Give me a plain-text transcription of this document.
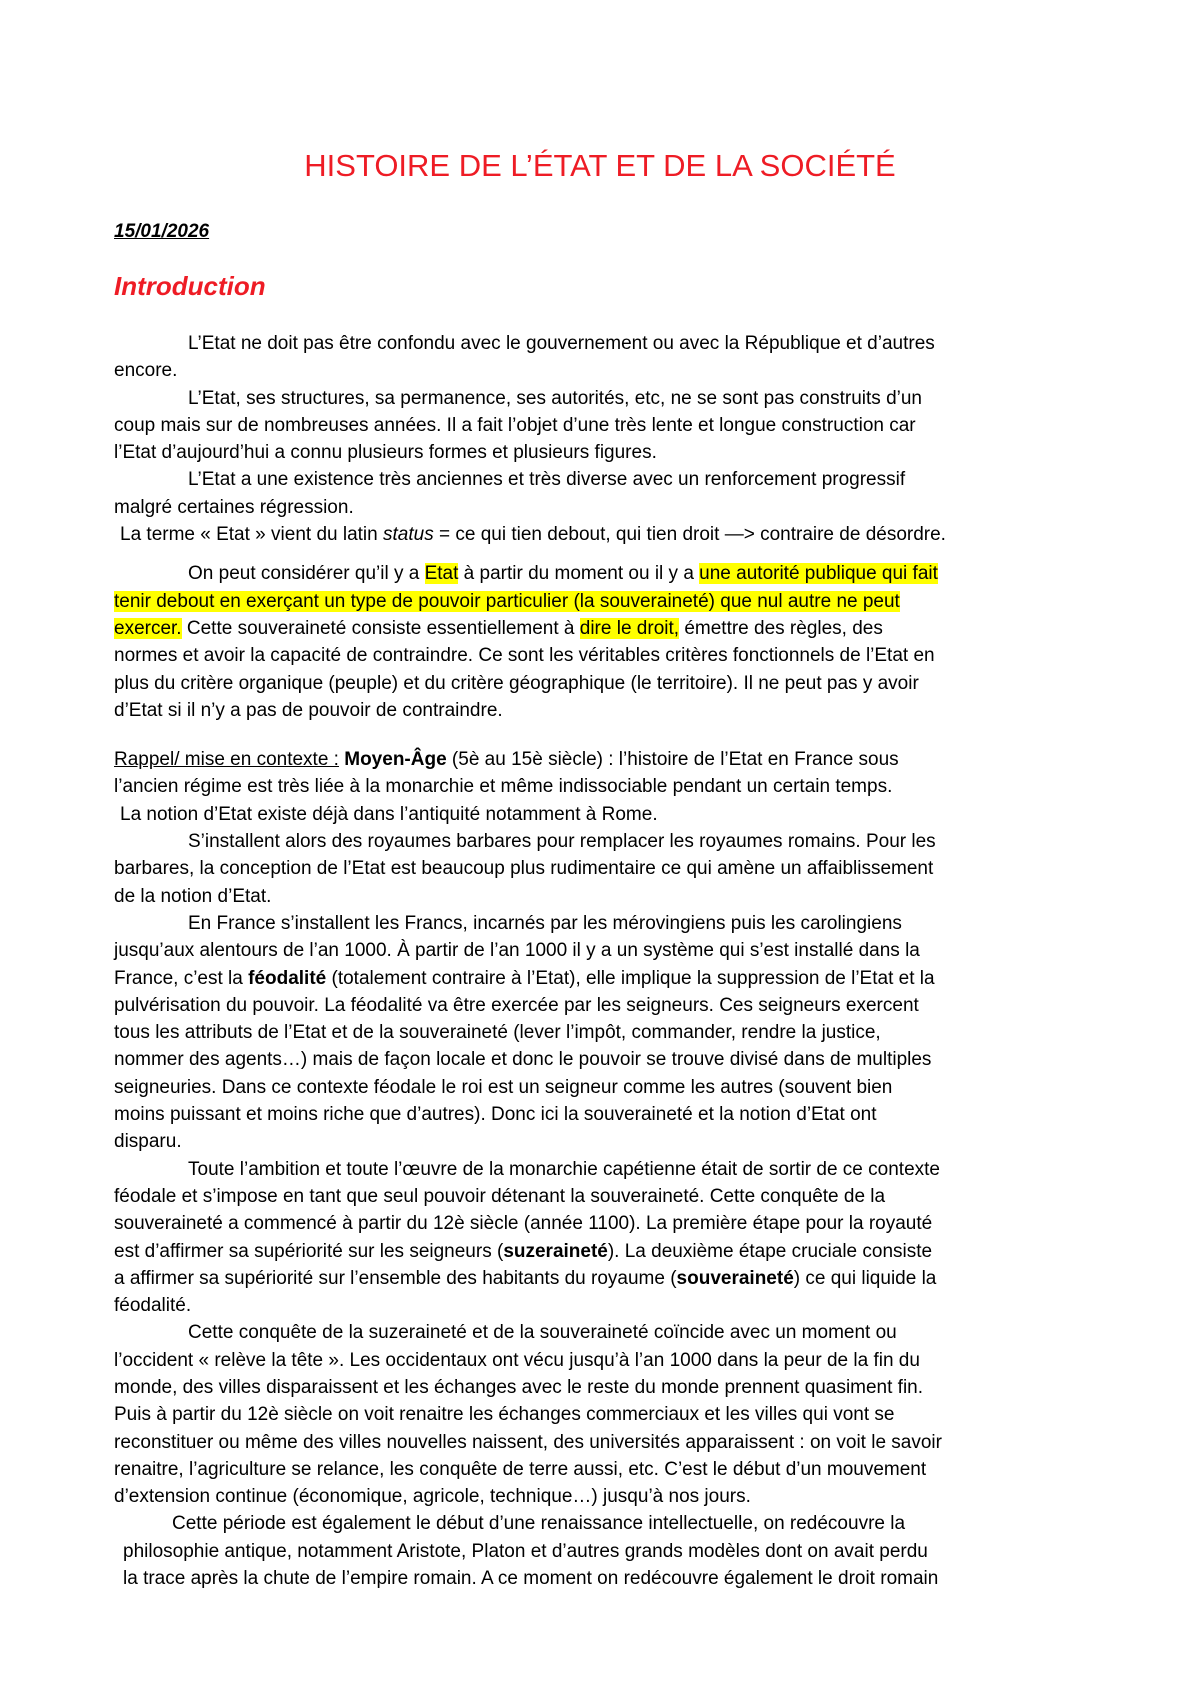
HISTOIRE DE L’ÉTAT ET DE LA SOCIÉTÉ
15/01/2026
Introduction

L’Etat ne doit pas être confondu avec le gouvernement ou avec la République et d’autres
encore.

L’Etat, ses structures, sa permanence, ses autorités, etc, ne se sont pas construits d’un
coup mais sur de nombreuses années. Il a fait l’objet d’une très lente et longue construction car
l’Etat d’aujourd’hui a connu plusieurs formes et plusieurs figures.

L’Etat a une existence très anciennes et très diverse avec un renforcement progressif
malgré certaines régression.

La terme « Etat » vient du latin status = ce qui tien debout, qui tien droit —> contraire de désordre.

On peut considérer qu’il y a Etat à partir du moment ou il y a une autorité publique qui fait
tenir debout en exerçant un type de pouvoir particulier (la souveraineté) que nul autre ne peut
exercer. Cette souveraineté consiste essentiellement à dire le droit, émettre des règles, des
normes et avoir la capacité de contraindre. Ce sont les véritables critères fonctionnels de l’Etat en
plus du critère organique (peuple) et du critère géographique (le territoire). Il ne peut pas y avoir
d’Etat si il n’y a pas de pouvoir de contraindre.

Rappel/ mise en contexte : Moyen-Âge (5è au 15è siècle) : l’histoire de l’Etat en France sous
l’ancien régime est très liée à la monarchie et même indissociable pendant un certain temps.

La notion d’Etat existe déjà dans l’antiquité notamment à Rome.

S’installent alors des royaumes barbares pour remplacer les royaumes romains. Pour les
barbares, la conception de l’Etat est beaucoup plus rudimentaire ce qui amène un affaiblissement
de la notion d’Etat.

En France s’installent les Francs, incarnés par les mérovingiens puis les carolingiens
jusqu’aux alentours de l’an 1000. À partir de l’an 1000 il y a un système qui s’est installé dans la
France, c’est la féodalité (totalement contraire à l’Etat), elle implique la suppression de l’Etat et la
pulvérisation du pouvoir. La féodalité va être exercée par les seigneurs. Ces seigneurs exercent
tous les attributs de l’Etat et de la souveraineté (lever l’impôt, commander, rendre la justice,
nommer des agents…) mais de façon locale et donc le pouvoir se trouve divisé dans de multiples
seigneuries. Dans ce contexte féodale le roi est un seigneur comme les autres (souvent bien
moins puissant et moins riche que d’autres). Donc ici la souveraineté et la notion d’Etat ont
disparu.

Toute l’ambition et toute l’œuvre de la monarchie capétienne était de sortir de ce contexte
féodale et s’impose en tant que seul pouvoir détenant la souveraineté. Cette conquête de la
souveraineté a commencé à partir du 12è siècle (année 1100). La première étape pour la royauté
est d’affirmer sa supériorité sur les seigneurs (suzeraineté). La deuxième étape cruciale consiste
a affirmer sa supériorité sur l’ensemble des habitants du royaume (souveraineté) ce qui liquide la
féodalité.

Cette conquête de la suzeraineté et de la souveraineté coïncide avec un moment ou
l’occident « relève la tête ». Les occidentaux ont vécu jusqu’à l’an 1000 dans la peur de la fin du
monde, des villes disparaissent et les échanges avec le reste du monde prennent quasiment fin.
Puis à partir du 12è siècle on voit renaitre les échanges commerciaux et les villes qui vont se
reconstituer ou même des villes nouvelles naissent, des universités apparaissent : on voit le savoir
renaitre, l’agriculture se relance, les conquête de terre aussi, etc. C’est le début d’un mouvement
d’extension continue (économique, agricole, technique…) jusqu’à nos jours.

Cette période est également le début d’une renaissance intellectuelle, on redécouvre la
philosophie antique, notamment Aristote, Platon et d’autres grands modèles dont on avait perdu
la trace après la chute de l’empire romain. A ce moment on redécouvre également le droit romain
